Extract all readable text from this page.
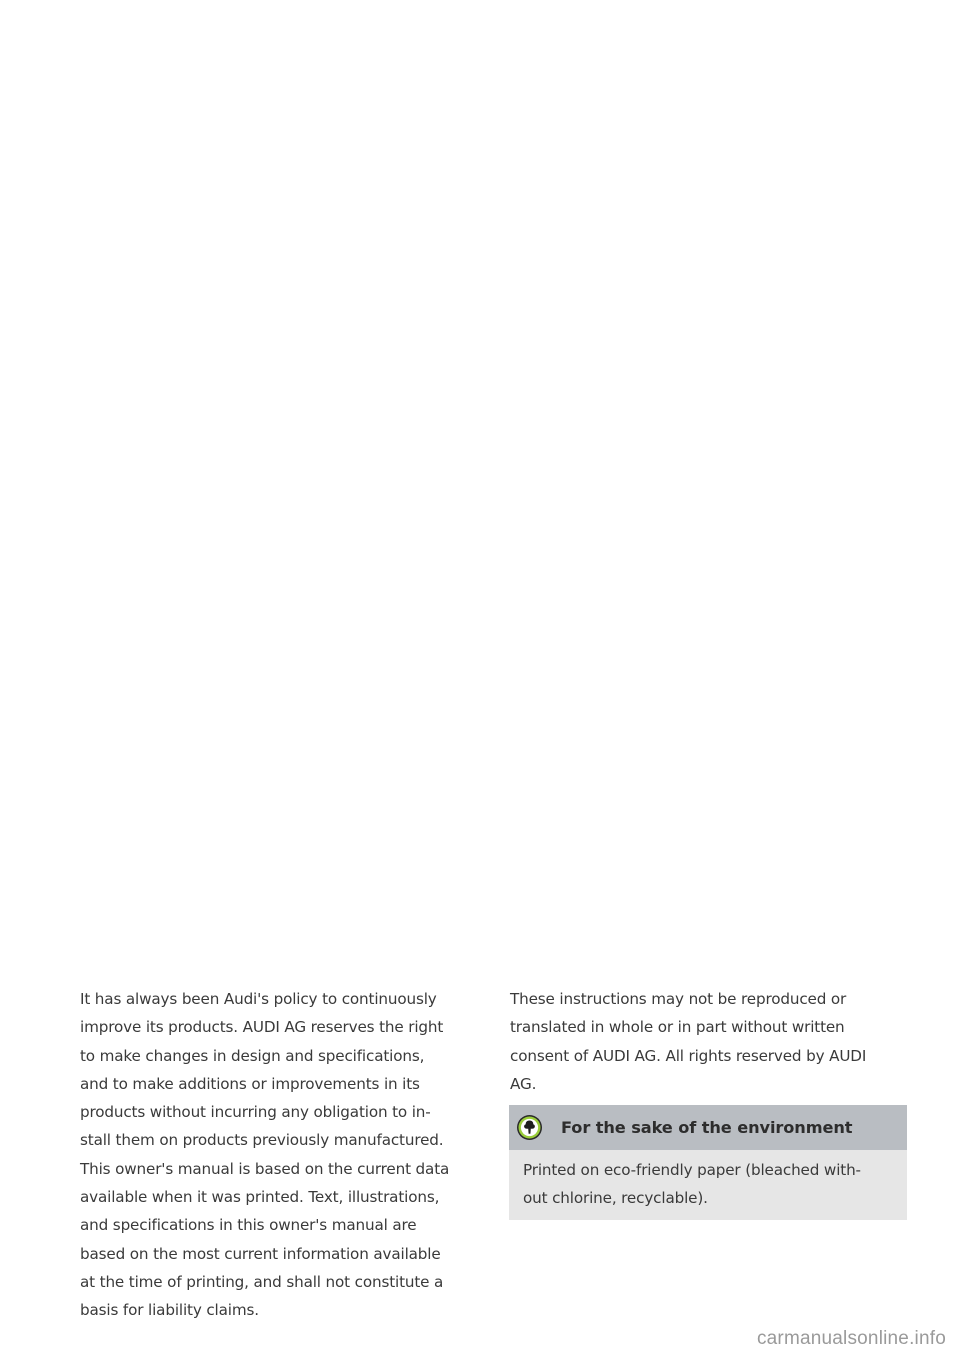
It has always been Audi's policy to continuously
improve its products. AUDI AG reserves the right
to make changes in design and specifications,
and to make additions or improvements in its
products without incurring any obligation to in-
stall them on products previously manufactured.
This owner's manual is based on the current data
available when it was printed. Text, illustrations,
and specifications in this owner's manual are
based on the most current information available
at the time of printing, and shall not constitute a
basis for liability claims.
These instructions may not be reproduced or
translated in whole or in part without written
consent of AUDI AG. All rights reserved by AUDI
AG.
For the sake of the environment
Printed on eco-friendly paper (bleached with-
out chlorine, recyclable).
carmanualsonline.info
